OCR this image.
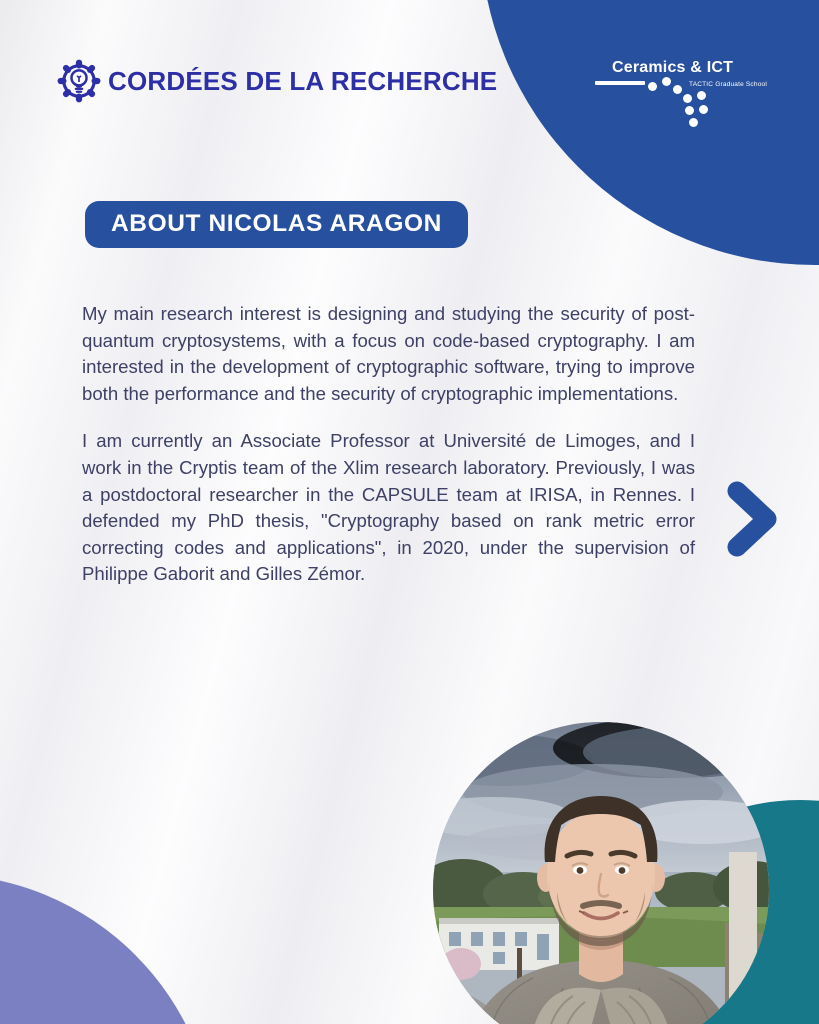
CORDÉES DE LA RECHERCHE	Ceramics & ICT
TACTIC Graduate School
ABOUT NICOLAS ARAGON

My main research interest is designing and studying the security of post-quantum cryptosystems, with a focus on code-based cryptography. I am interested in the development of cryptographic software, trying to improve both the performance and the security of cryptographic implementations.

I am currently an Associate Professor at Université de Limoges, and I work in the Cryptis team of the Xlim research laboratory. Previously, I was a postdoctoral researcher in the CAPSULE team at IRISA, in Rennes. I defended my PhD thesis, "Cryptography based on rank metric error correcting codes and applications", in 2020, under the supervision of Philippe Gaborit and Gilles Zémor.
